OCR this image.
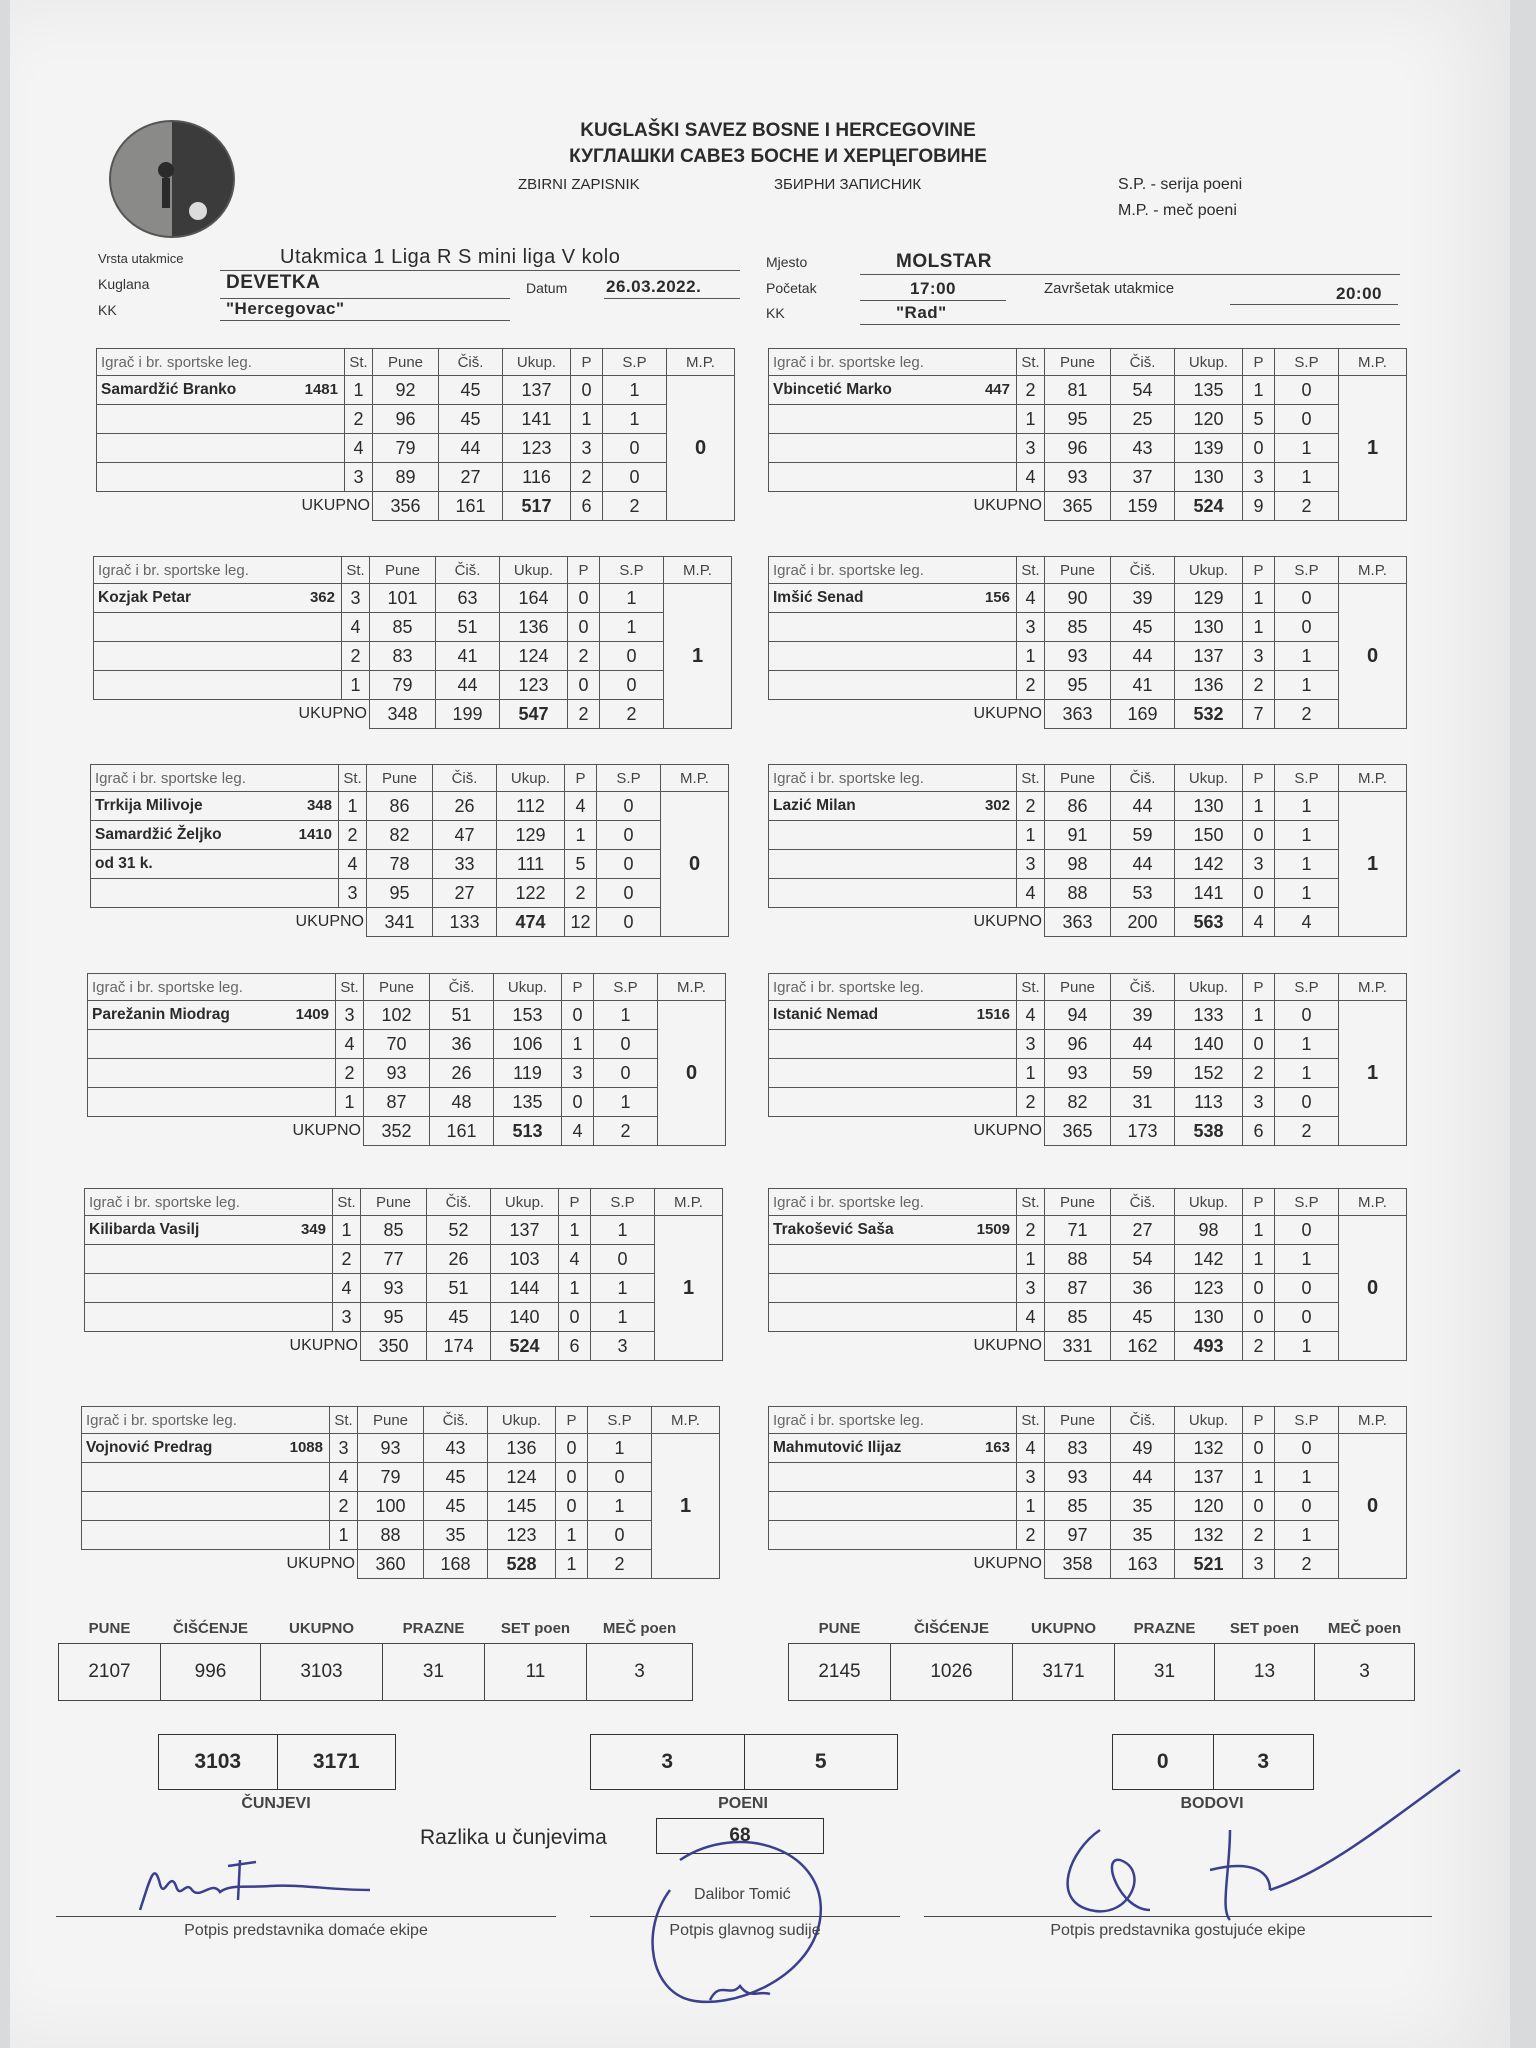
KUGLAŠKI SAVEZ BOSNE I HERCEGOVINE
КУГЛАШКИ САВЕЗ БОСНЕ И ХЕРЦЕГОВИНЕ
ZBIRNI ZAPISNIK	ЗБИРНИ ЗАПИСНИК	S.P. - serija poeni
M.P. - meč poeni
Vrsta utakmice	Utakmica 1 Liga R S mini liga V kolo
Kuglana	DEVETKA	Datum 26.03.2022.
KK	"Hercegovac"
Mjesto	MOLSTAR
Početak	17:00	Završetak utakmice	20:00
KK	"Rad"
Igrač i br. sportske leg.	St.	Pune	Čiš.	Ukup.	P	S.P	M.P.
Samardžić Branko 1481	1	92	45	137	0	1	0

	2	96	45	141	1	1	

	4	79	44	123	3	0	

	3	89	27	116	2	0	
UKUPNO		356	161	517	6	2	
Igrač i br. sportske leg.	St.	Pune	Čiš.	Ukup.	P	S.P	M.P.
Kozjak Petar 362	3	101	63	164	0	1	1

	4	85	51	136	0	1	

	2	83	41	124	2	0	

	1	79	44	123	0	0	
UKUPNO		348	199	547	2	2	
Igrač i br. sportske leg.	St.	Pune	Čiš.	Ukup.	P	S.P	M.P.
Trrkija Milivoje 348	1	86	26	112	4	0	0
Samardžić Željko 1410	2	82	47	129	1	0	
od 31 k.	4	78	33	111	5	0	

	3	95	27	122	2	0	
UKUPNO		341	133	474	12	0	
Igrač i br. sportske leg.	St.	Pune	Čiš.	Ukup.	P	S.P	M.P.
Parežanin Miodrag 1409	3	102	51	153	0	1	0

	4	70	36	106	1	0	

	2	93	26	119	3	0	

	1	87	48	135	0	1	
UKUPNO		352	161	513	4	2	
Igrač i br. sportske leg.	St.	Pune	Čiš.	Ukup.	P	S.P	M.P.
Kilibarda Vasilj 349	1	85	52	137	1	1	1

	2	77	26	103	4	0	

	4	93	51	144	1	1	

	3	95	45	140	0	1	
UKUPNO		350	174	524	6	3	
Igrač i br. sportske leg.	St.	Pune	Čiš.	Ukup.	P	S.P	M.P.
Vojnović Predrag 1088	3	93	43	136	0	1	1

	4	79	45	124	0	0	

	2	100	45	145	0	1	

	1	88	35	123	1	0	
UKUPNO		360	168	528	1	2	
Igrač i br. sportske leg.	St.	Pune	Čiš.	Ukup.	P	S.P	M.P.
Vbincetić Marko 447	2	81	54	135	1	0	1

	1	95	25	120	5	0	

	3	96	43	139	0	1	

	4	93	37	130	3	1	
UKUPNO		365	159	524	9	2	
Igrač i br. sportske leg.	St.	Pune	Čiš.	Ukup.	P	S.P	M.P.
Imšić Senad 156	4	90	39	129	1	0	0

	3	85	45	130	1	0	

	1	93	44	137	3	1	

	2	95	41	136	2	1	
UKUPNO		363	169	532	7	2	
Igrač i br. sportske leg.	St.	Pune	Čiš.	Ukup.	P	S.P	M.P.
Lazić Milan 302	2	86	44	130	1	1	1

	1	91	59	150	0	1	

	3	98	44	142	3	1	

	4	88	53	141	0	1	
UKUPNO		363	200	563	4	4	
Igrač i br. sportske leg.	St.	Pune	Čiš.	Ukup.	P	S.P	M.P.
Istanić Nemad 1516	4	94	39	133	1	0	1

	3	96	44	140	0	1	

	1	93	59	152	2	1	

	2	82	31	113	3	0	
UKUPNO		365	173	538	6	2	
Igrač i br. sportske leg.	St.	Pune	Čiš.	Ukup.	P	S.P	M.P.
Trakošević Saša 1509	2	71	27	98	1	0	0

	1	88	54	142	1	1	

	3	87	36	123	0	0	

	4	85	45	130	0	0	
UKUPNO		331	162	493	2	1	
Igrač i br. sportske leg.	St.	Pune	Čiš.	Ukup.	P	S.P	M.P.
Mahmutović Ilijaz 163	4	83	49	132	0	0	0

	3	93	44	137	1	1	

	1	85	35	120	0	0	

	2	97	35	132	2	1	
UKUPNO		358	163	521	3	2	
PUNE	ČIŠĆENJE	UKUPNO	PRAZNE	SET poen	MEČ poen
2107	996	3103	31	11	3
PUNE	ČIŠĆENJE	UKUPNO	PRAZNE	SET poen	MEČ poen
2145	1026	3171	31	13	3
3103	3171
ČUNJEVI
3	5
POENI
0	3
BODOVI
Razlika u čunjevima	68
Potpis predstavnika domaće ekipe
Dalibor Tomić
Potpis glavnog sudije	Potpis predstavnika gostujuće ekipe
